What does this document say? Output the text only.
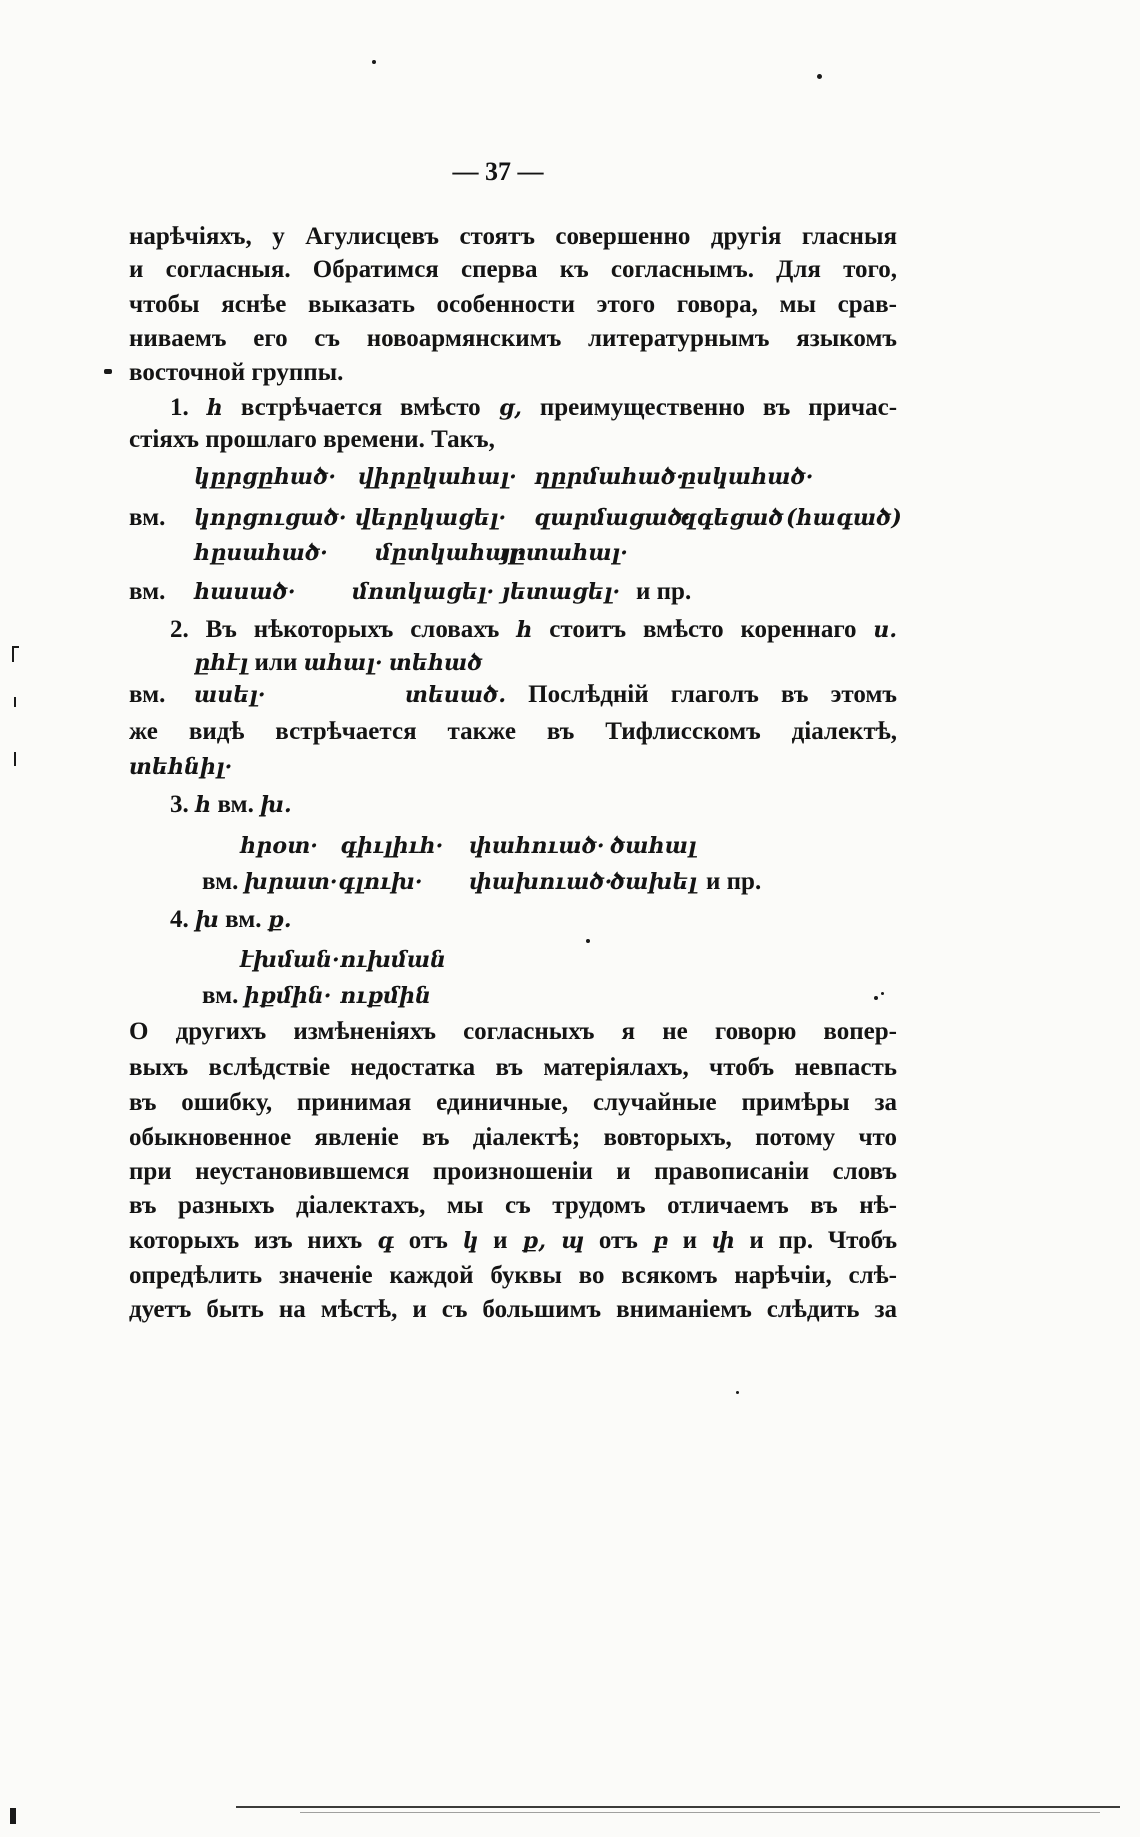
— 37 —
нарѣчіяхъ, у Агулисцевъ стоятъ совершенно другія гласныя
и согласныя. Обратимся сперва къ согласнымъ. Для того,
чтобы яснѣе выказать особенности этого говора, мы срав-
ниваемъ его съ новоармянскимъ литературнымъ языкомъ
восточной группы.
1. հ встрѣчается вмѣсто ց, преимущественно въ причас-
стіяхъ прошлаго времени. Такъ,
կըրցըհած· վիրըկահալ· ղըրմահած·
ըսկահած·
вм. կորցուցած· վերըկացել· զարմացած·
զգեցած (հագած)
հըսահած· մըտկահալ·
յըտահալ·
вм. հասած·	մոտկացել· յետացել· и пр.
2. Въ нѣкоторыхъ словахъ հ стоитъ вмѣсто кореннаго ս.
ըհէլ или ահալ· տեհած
вм. ասել·	տեսած. Послѣдній глаголъ въ этомъ
же видѣ встрѣчается также въ Тифлисскомъ діалектѣ,
տեհնիլ·
3. հ вм. խ.
հրօտ· գիւլիւհ· փահուած· ծահալ
вм. խրատ· գլուխ· փախուած·
ծախել и пр.
4. խ вм. ք.
էխման· ուխման
вм. իքմին· ուքմին
О другихъ измѣненіяхъ согласныхъ я не говорю вопер-
выхъ вслѣдствіе недостатка въ матеріялахъ, чтобъ невпасть
въ ошибку, принимая единичные, случайные примѣры за
обыкновенное явленіе въ діалектѣ; вовторыхъ, потому что
при неустановившемся произношеніи и правописаніи словъ
въ разныхъ діалектахъ, мы съ трудомъ отличаемъ въ нѣ-
которыхъ изъ нихъ գ отъ կ и ք, պ отъ բ и փ и пр. Чтобъ
опредѣлить значеніе каждой буквы во всякомъ нарѣчіи, слѣ-
дуетъ быть на мѣстѣ, и съ большимъ вниманіемъ слѣдить за
